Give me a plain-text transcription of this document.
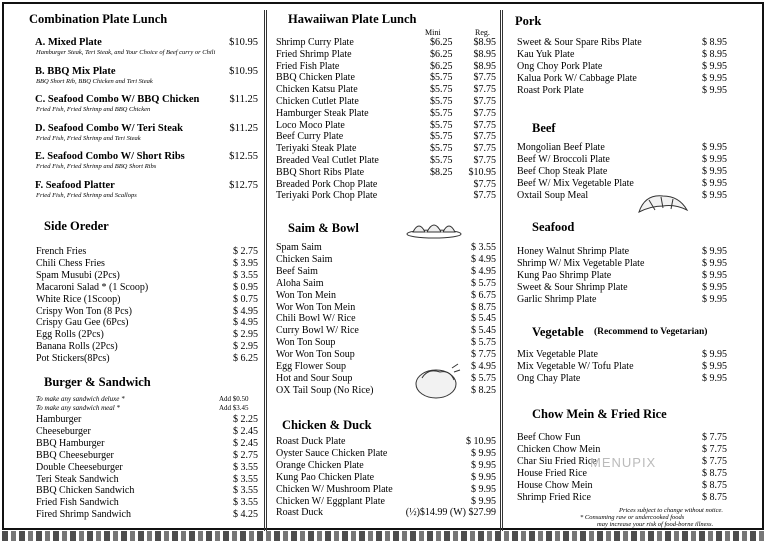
Combination Plate Lunch
A. Mixed Plate	$10.95
Hamburger Steak, Teri Steak, and Your Choice of Beef curry or Chili
B. BBQ Mix Plate	$10.95
BBQ Short Rib, BBQ Chicken and Teri Steak
C. Seafood Combo W/ BBQ Chicken	$11.25
Fried Fish, Fried Shrimp and BBQ Chicken
D. Seafood Combo W/ Teri Steak	$11.25
Fried Fish, Fried Shrimp and Teri Steak
E. Seafood Combo W/ Short Ribs	$12.55
Fried Fish, Fried Shrimp and BBQ Short Ribs
F. Seafood Platter	$12.75
Fried Fish, Fried Shrimp and Scallops
Side Oreder
French Fries	$ 2.75
Chili Chess Fries	$ 3.95
Spam Musubi (2Pcs)	$ 3.55
Macaroni Salad * (1 Scoop)	$ 0.95
White Rice (1Scoop)	$ 0.75
Crispy Won Ton (8 Pcs)	$ 4.95
Crispy Gau Gee (6Pcs)	$ 4.95
Egg Rolls (2Pcs)	$ 2.95
Banana Rolls (2Pcs)	$ 2.95
Pot Stickers(8Pcs)	$ 6.25
Burger & Sandwich
To make any sandwich deluxe *	Add $0.50
To make any sandwich meal *	Add $3.45
Hamburger	$ 2.25
Cheeseburger	$ 2.45
BBQ Hamburger	$ 2.45
BBQ Cheeseburger	$ 2.75
Double Cheeseburger	$ 3.55
Teri Steak Sandwich	$ 3.55
BBQ Chicken Sandwich	$ 3.55
Fried Fish Sandwich	$ 3.55
Fired Shrimp Sandwich	$ 4.25
Hawaiiwan Plate Lunch
Mini	Reg.
Shrimp Curry Plate	$6.25 $8.95
Fried Shrimp Plate	$6.25 $8.95
Fried Fish Plate	$6.25 $8.95
BBQ Chicken Plate	$5.75 $7.75
Chicken Katsu Plate	$5.75 $7.75
Chicken Cutlet Plate	$5.75 $7.75
Hamburger Steak Plate	$5.75 $7.75
Loco Moco Plate	$5.75 $7.75
Beef Curry Plate	$5.75 $7.75
Teriyaki Steak Plate	$5.75 $7.75
Breaded Veal Cutlet Plate	$5.75 $7.75
BBQ Short Ribs Plate	$8.25 $10.95
Breaded Pork Chop Plate	$7.75
Teriyaki Pork Chop Plate	$7.75
Saim & Bowl
Spam Saim	$ 3.55
Chicken Saim	$ 4.95
Beef Saim	$ 4.95
Aloha Saim	$ 5.75
Won Ton Mein	$ 6.75
Wor Won Ton Mein	$ 8.75
Chili Bowl W/ Rice	$ 5.45
Curry Bowl W/ Rice	$ 5.45
Won Ton Soup	$ 5.75
Wor Won Ton Soup	$ 7.75
Egg Flower Soup	$ 4.95
Hot and Sour Soup	$ 5.75
OX Tail Soup (No Rice)	$ 8.25
Chicken & Duck
Roast Duck Plate	$ 10.95
Oyster Sauce Chicken Plate	$ 9.95
Orange Chicken Plate	$ 9.95
Kung Pao Chicken Plate	$ 9.95
Chicken W/ Mushroom Plate	$ 9.95
Chicken W/ Eggplant Plate	$ 9.95
Roast Duck	(½)$14.99 (W) $27.99
Pork
Sweet & Sour Spare Ribs Plate	$ 8.95
Kau Yuk Plate	$ 8.95
Ong Choy Pork Plate	$ 9.95
Kalua Pork W/ Cabbage Plate	$ 9.95
Roast Pork Plate	$ 9.95
Beef
Mongolian Beef Plate	$ 9.95
Beef W/ Broccoli Plate	$ 9.95
Beef Chop Steak Plate	$ 9.95
Beef W/ Mix Vegetable Plate	$ 9.95
Oxtail Soup Meal	$ 9.95
Seafood
Honey Walnut Shrimp Plate	$ 9.95
Shrimp W/ Mix Vegetable Plate	$ 9.95
Kung Pao Shrimp Plate	$ 9.95
Sweet & Sour Shrimp Plate	$ 9.95
Garlic Shrimp Plate	$ 9.95
Vegetable (Recommend to Vegetarian)
Mix Vegetable Plate	$ 9.95
Mix Vegetable W/ Tofu Plate	$ 9.95
Ong Chay Plate	$ 9.95
Chow Mein & Fried Rice
Beef Chow Fun	$ 7.75
Chicken Chow Mein	$ 7.75
Char Siu Fried Rice	$ 7.75
House Fried Rice	$ 8.75
House Chow Mein	$ 8.75
Shrimp Fried Rice	$ 8.75
MENUPIX
Prices subject to change without notice.
* Consuming raw or undercooked foods
may increase your risk of food-borne illness.
